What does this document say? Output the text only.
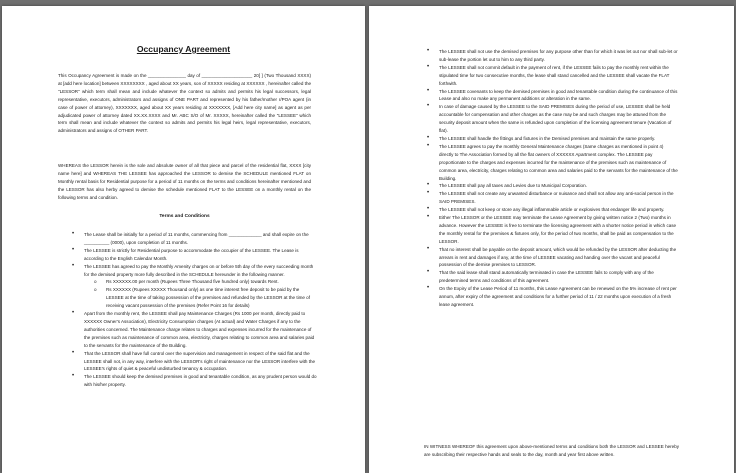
Occupancy Agreement

This Occupancy Agreement is made on the _______________ day of ____________________ 20[ ] (Two Thousand XXXX) at [add here location] between XXXXXXXX , aged about XX years, son of XXXXX residing at XXXXXX , hereinafter called the "LESSOR" which term shall mean and include whatever the context so admits and permits his legal successors, legal representative, executors, administrators and assigns of ONE PART and represented by his father/mother r/POA agent (in case of power of attorney), XXXXXXX, aged about XX years residing at XXXXXXX, [Add here city name] as agent as per adjudicated power of attorney dated XX.XX.XXXX and Mr. ABC S/O of Mr. XXXXX, hereinafter called the "LESSEE" which term shall mean and include whatever the context so admits and permits his legal heirs, legal representative, executors, administrators and assigns of OTHER PART.

WHEREAS the LESSOR herein is the sole and absolute owner of all that piece and parcel of the residential flat, XXXX [city name here] and WHEREAS THE LESSEE has approached the LESSOR to demise the SCHEDULE mentioned FLAT on Monthly rental basis for Residential purpose for a period of 11 months on the terms and conditions hereinafter mentioned and the LESSOR has also herby agreed to demise the schedule mentioned FLAT to the LESSEE on a monthly rental on the following terms and condition.

Terms and Conditions
• The Lease shall be initially for a period of 11 months, commencing from _____________ and shall expire on the __________ (0000), upon completion of 11 months.
• The LESSEE is strictly for Residential purpose to accommodate the occupier of the LESSEE. The Lease is according to the English Calendar Month.
• The LESSEE has agreed to pay the Monthly Amenity charges on or before 5th day of the every succeeding month for the demised property more fully described in the SCHEDULE hereunder in the following manner.
o Rs XXXXXX.00 per month (Rupees Three Thousand five hundred only) towards Rent.
o Rs XXXXXX (Rupees XXXXX Thousand only) as one time interest free deposit to be paid by the LESSEE at the time of taking possession of the premises and refunded by the LESSOR at the time of receiving vacant possession of the premises (Refer Point 16 for details)
• Apart from the monthly rent, the LESSEE shall pay Maintenance Charges (Rs 1000 per month, directly paid to XXXXXX Owner's Association), Electricity Consumption charges (At actual) and Water Charges if any to the authorities concerned. The Maintenance charge relates to charges and expenses incurred for the maintenance of the premises such as maintenance of common area, electricity, charges relating to common area and salaries paid to the servants for the maintenance of the Building.
• That the LESSOR shall have full control over the supervision and management in respect of the said flat and the LESSEE shall not, in any way, interfere with the LESSOR's right of maintenance nor the LESSOR interfere with the LESSEE's rights of quiet & peaceful undisturbed tenancy & occupation.
• The LESSEE should keep the demised premises in good and tenantable condition, as any prudent person would do with his/her property.
• The LESSEE shall not use the demised premises for any purpose other than for which it was let out nor shall sub-let or sub-lease the portion let out to him to any third party.
• The LESSEE shall not commit default in the payment of rent, if the LESSEE fails to pay the monthly rent within the stipulated time for two consecutive months, the lease shall stand cancelled and the LESSEE shall vacate the FLAT forthwith.
• The LESSEE covenants to keep the demised premises in good and tenantable condition during the continuance of this Lease and also no make any permanent additions or alteration in the same.
• In case of damage caused by the LESSEE to the SAID PREMISES during the period of use, LESSEE shall be held accountable for compensation and other charges as the case may be and such charges may be attuned from the security deposit amount when the same is refunded upon completion of the licensing agreement tenure (Vacation of flat).
• The LESSEE shall handle the fittings and fixtures in the Demised premises and maintain the same properly.
• The LESSEE agrees to pay the monthly General Maintenance charges (Same charges as mentioned in point 4) directly to The Association formed by all the flat owners of XXXXXX Apartment complex. The LESSEE pay proportionate to the charges and expenses incurred for the maintenance of the premises such as maintenance of common area, electricity, charges relating to common area and salaries paid to the servants for the maintenance of the Building.
• The LESSEE shall pay all taxes and Levies due to Municipal Corporation.
• The LESSEE shall not create any unwanted disturbance or nuisance and shall not allow any anti-social person in the SAID PREMISES.
• The LESSEE shall not keep or store any illegal inflammable article or explosives that endanger life and property.
• Either The LESSOR or the LESSEE may terminate the Lease Agreement by giving written notice 2 (Two) months in advance. However the LESSEE is free to terminate the licensing agreement with a shorter notice period in which case the monthly rental for the premises & fixtures only, for the period of two months, shall be paid as compensation to the LESSOR.
• That no interest shall be payable on the deposit amount, which would be refunded by the LESSOR after deducting the arrears in rent and damages if any, at the time of LESSEE vacating and handing over the vacant and peaceful possession of the demise premises to LESSOR.
• That the said lease shall stand automatically terminated in case the LESSEE fails to comply with any of the predetermined terms and conditions of this agreement.
• On the Expiry of the Lease Period of 11 months, this Lease Agreement can be renewed on the 5% increase of rent per annum, after expiry of the agreement and conditions for a further period of 11 / 22 months upon execution of a fresh lease agreement.

IN WITNESS WHEREOF this agreement upon above-mentioned terms and conditions both the LESSOR and LESSEE hereby are subscribing their respective hands and seals to the day, month and year first above written.
